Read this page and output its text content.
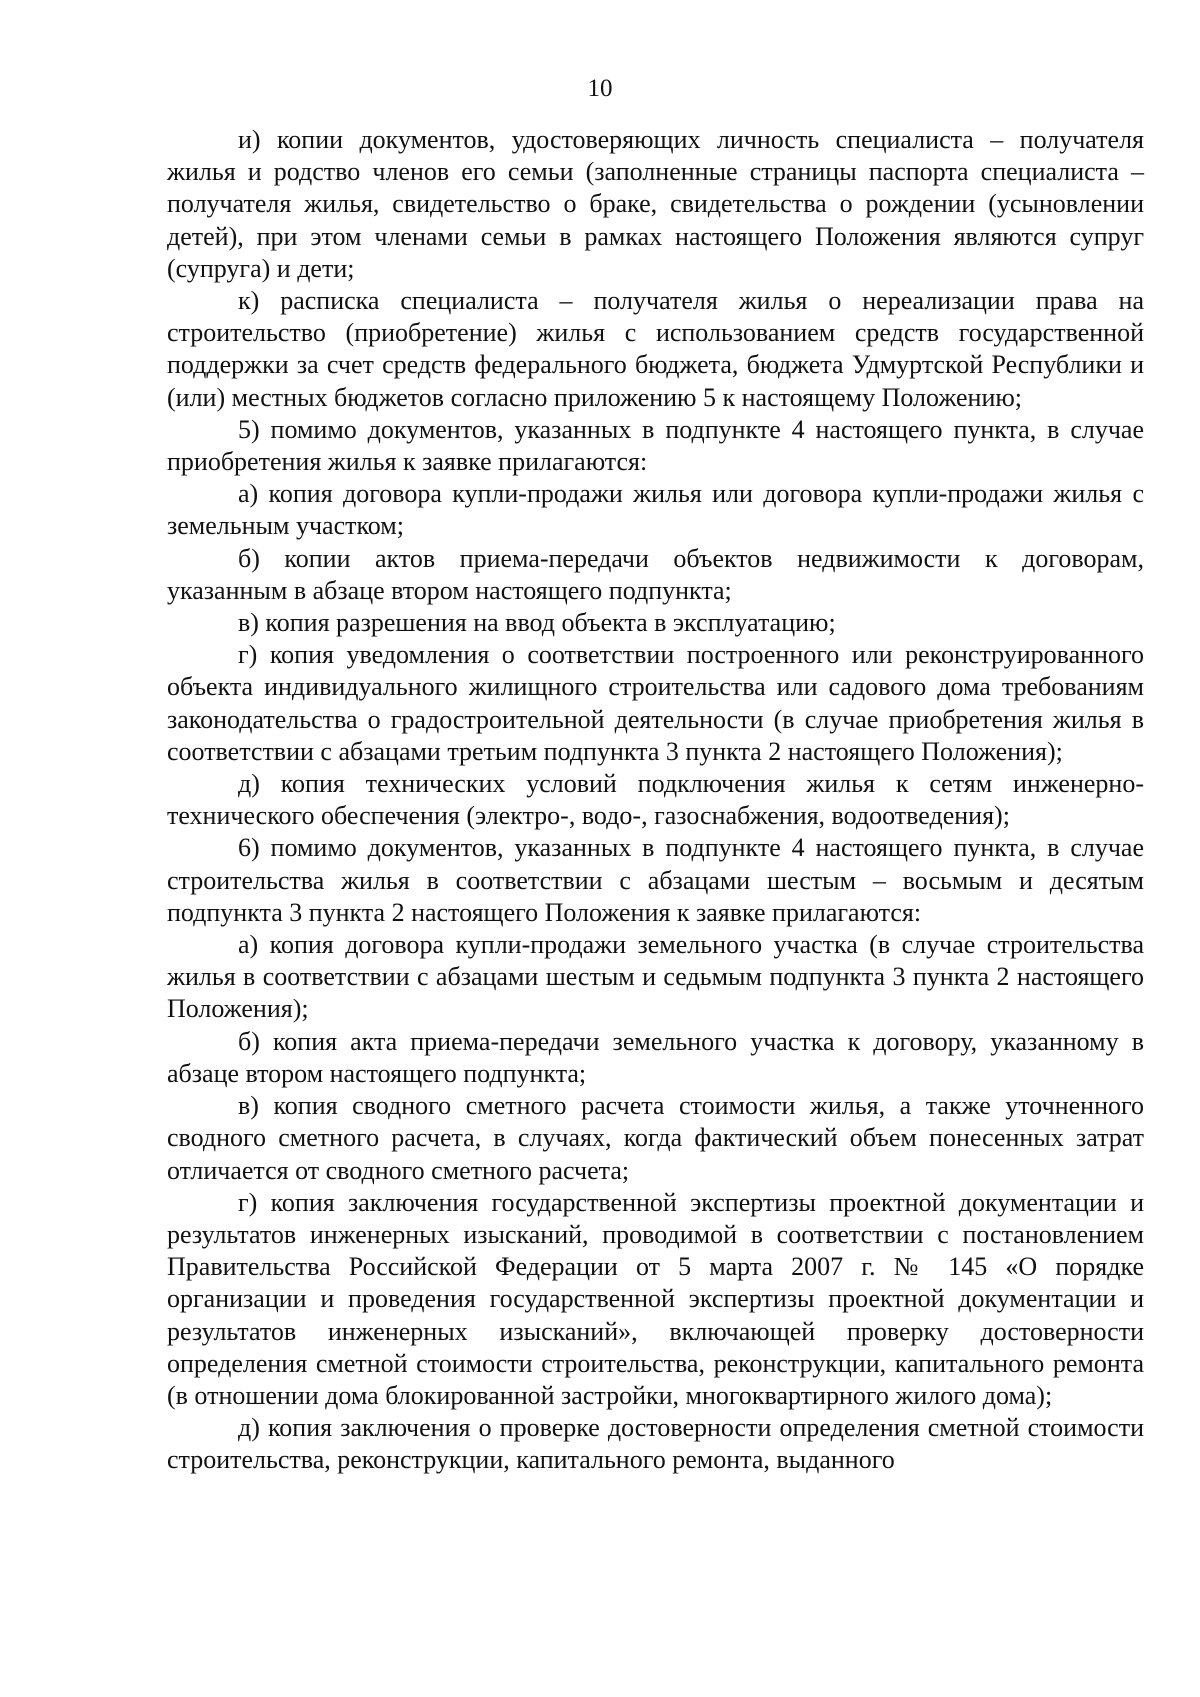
10

и) копии документов, удостоверяющих личность специалиста – получателя жилья и родство членов его семьи (заполненные страницы паспорта специалиста – получателя жилья, свидетельство о браке, свидетельства о рождении (усыновлении детей), при этом членами семьи в рамках настоящего Положения являются супруг (супруга) и дети;

к) расписка специалиста – получателя жилья о нереализации права на строительство (приобретение) жилья с использованием средств государственной поддержки за счет средств федерального бюджета, бюджета Удмуртской Республики и (или) местных бюджетов согласно приложению 5 к настоящему Положению;

5) помимо документов, указанных в подпункте 4 настоящего пункта, в случае приобретения жилья к заявке прилагаются:

а) копия договора купли-продажи жилья или договора купли-продажи жилья с земельным участком;

б) копии актов приема-передачи объектов недвижимости к договорам, указанным в абзаце втором настоящего подпункта;

в) копия разрешения на ввод объекта в эксплуатацию;

г) копия уведомления о соответствии построенного или реконструированного объекта индивидуального жилищного строительства или садового дома требованиям законодательства о градостроительной деятельности (в случае приобретения жилья в соответствии с абзацами третьим подпункта 3 пункта 2 настоящего Положения);

д) копия технических условий подключения жилья к сетям инженерно-технического обеспечения (электро-, водо-, газоснабжения, водоотведения);

6) помимо документов, указанных в подпункте 4 настоящего пункта, в случае строительства жилья в соответствии с абзацами шестым – восьмым и десятым подпункта 3 пункта 2 настоящего Положения к заявке прилагаются:

а) копия договора купли-продажи земельного участка (в случае строительства жилья в соответствии с абзацами шестым и седьмым подпункта 3 пункта 2 настоящего Положения);

б) копия акта приема-передачи земельного участка к договору, указанному в абзаце втором настоящего подпункта;

в) копия сводного сметного расчета стоимости жилья, а также уточненного сводного сметного расчета, в случаях, когда фактический объем понесенных затрат отличается от сводного сметного расчета;

г) копия заключения государственной экспертизы проектной документации и результатов инженерных изысканий, проводимой в соответствии с постановлением Правительства Российской Федерации от 5 марта 2007 г. № 145 «О порядке организации и проведения государственной экспертизы проектной документации и результатов инженерных изысканий», включающей проверку достоверности определения сметной стоимости строительства, реконструкции, капитального ремонта (в отношении дома блокированной застройки, многоквартирного жилого дома);

д) копия заключения о проверке достоверности определения сметной стоимости строительства, реконструкции, капитального ремонта, выданного
